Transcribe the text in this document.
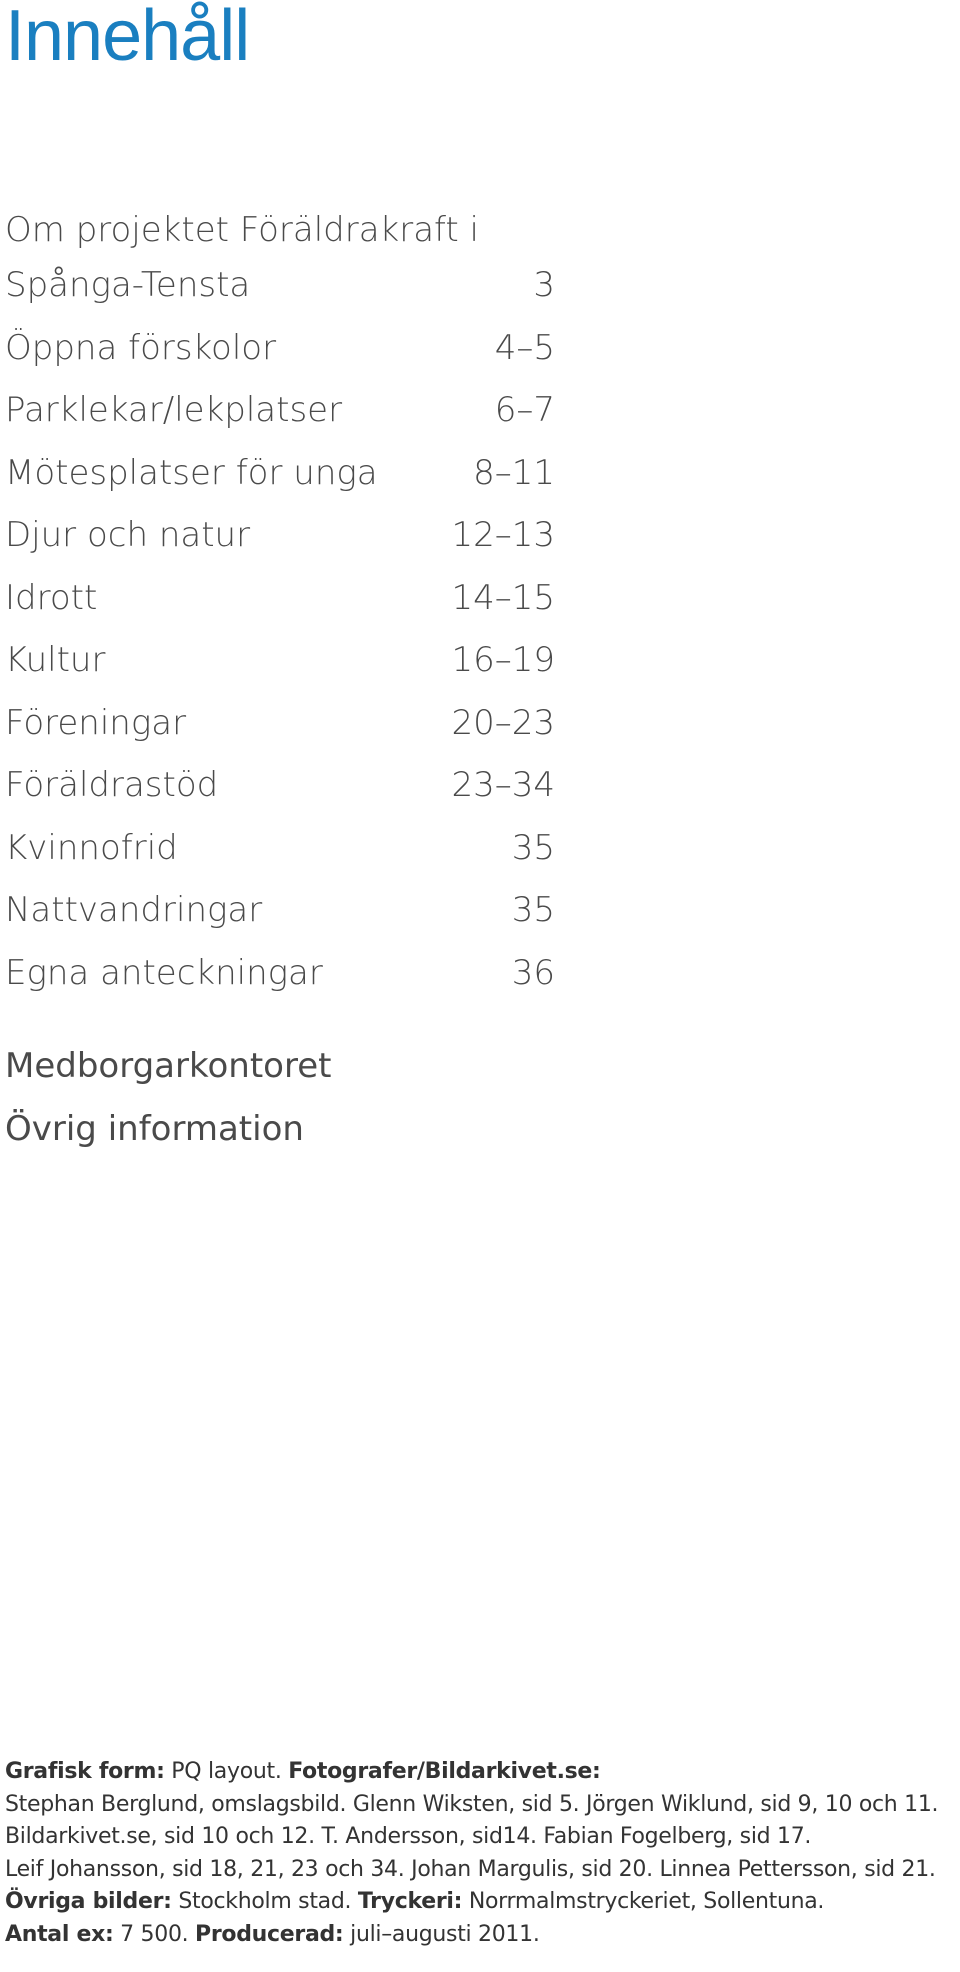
Innehåll
Om projektet Föräldrakraft i
Spånga-Tensta	3
Öppna förskolor	4–5
Parklekar/lekplatser	6–7
Mötesplatser för unga	8–11
Djur och natur	12–13
Idrott	14–15
Kultur	16–19
Föreningar	20–23
Föräldrastöd	23–34
Kvinnofrid	35
Nattvandringar	35
Egna anteckningar	36
Medborgarkontoret
Övrig information
Grafisk form: PQ layout. Fotografer/Bildarkivet.se:
Stephan Berglund, omslagsbild. Glenn Wiksten, sid 5. Jörgen Wiklund, sid 9, 10 och 11.
Bildarkivet.se, sid 10 och 12. T. Andersson, sid14. Fabian Fogelberg, sid 17.
Leif Johansson, sid 18, 21, 23 och 34. Johan Margulis, sid 20. Linnea Pettersson, sid 21.
Övriga bilder: Stockholm stad. Tryckeri: Norrmalmstryckeriet, Sollentuna.
Antal ex: 7 500. Producerad: juli–augusti 2011.
